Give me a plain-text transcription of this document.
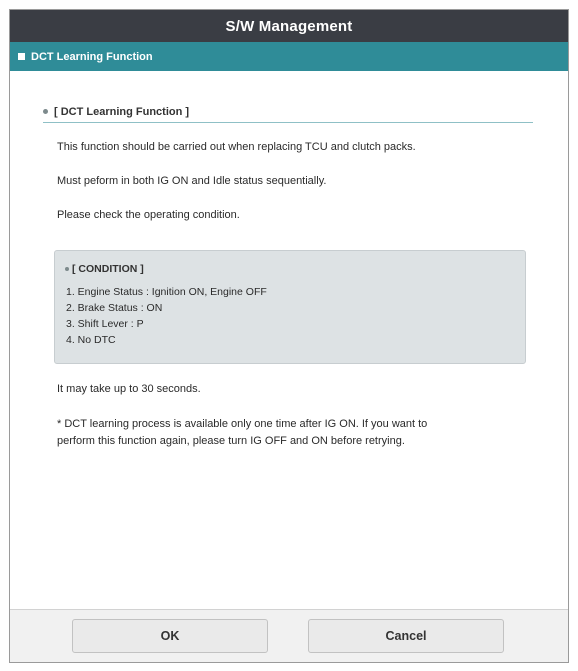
S/W Management
DCT Learning Function
[ DCT Learning Function ]
This function should be carried out when replacing TCU and clutch packs.
Must peform in both IG ON and Idle status sequentially.
Please check the operating condition.
[ CONDITION ]
1. Engine Status : Ignition ON, Engine OFF
2. Brake Status : ON
3. Shift Lever : P
4. No DTC
It may take up to 30 seconds.
* DCT learning process is available only one time after IG ON. If you want to
perform this function again, please turn IG OFF and ON before retrying.
OK	Cancel
